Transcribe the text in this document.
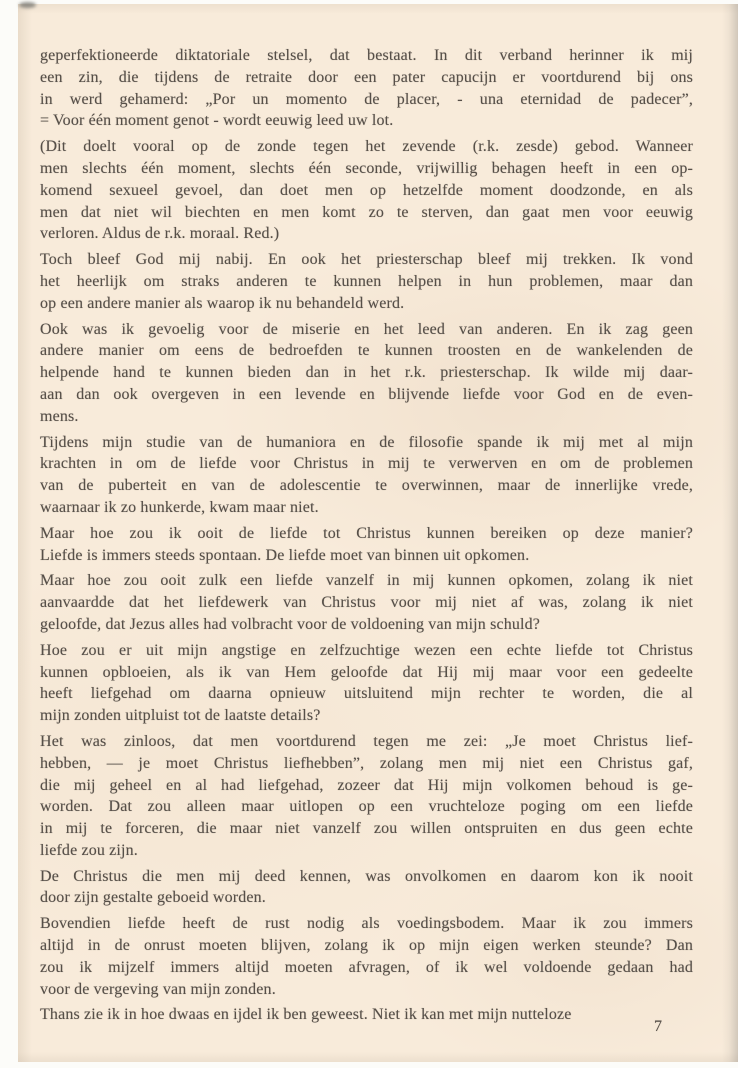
geperfektioneerde diktatoriale stelsel, dat bestaat. In dit verband herinner ik mij
een zin, die tijdens de retraite door een pater capucijn er voortdurend bij ons
in werd gehamerd: „Por un momento de placer, - una eternidad de padecer”,
= Voor één moment genot - wordt eeuwig leed uw lot.

(Dit doelt vooral op de zonde tegen het zevende (r.k. zesde) gebod. Wanneer
men slechts één moment, slechts één seconde, vrijwillig behagen heeft in een op-
komend sexueel gevoel, dan doet men op hetzelfde moment doodzonde, en als
men dat niet wil biechten en men komt zo te sterven, dan gaat men voor eeuwig
verloren. Aldus de r.k. moraal. Red.)

Toch bleef God mij nabij. En ook het priesterschap bleef mij trekken. Ik vond
het heerlijk om straks anderen te kunnen helpen in hun problemen, maar dan
op een andere manier als waarop ik nu behandeld werd.

Ook was ik gevoelig voor de miserie en het leed van anderen. En ik zag geen
andere manier om eens de bedroefden te kunnen troosten en de wankelenden de
helpende hand te kunnen bieden dan in het r.k. priesterschap. Ik wilde mij daar-
aan dan ook overgeven in een levende en blijvende liefde voor God en de even-
mens.

Tijdens mijn studie van de humaniora en de filosofie spande ik mij met al mijn
krachten in om de liefde voor Christus in mij te verwerven en om de problemen
van de puberteit en van de adolescentie te overwinnen, maar de innerlijke vrede,
waarnaar ik zo hunkerde, kwam maar niet.

Maar hoe zou ik ooit de liefde tot Christus kunnen bereiken op deze manier?
Liefde is immers steeds spontaan. De liefde moet van binnen uit opkomen.

Maar hoe zou ooit zulk een liefde vanzelf in mij kunnen opkomen, zolang ik niet
aanvaardde dat het liefdewerk van Christus voor mij niet af was, zolang ik niet
geloofde, dat Jezus alles had volbracht voor de voldoening van mijn schuld?

Hoe zou er uit mijn angstige en zelfzuchtige wezen een echte liefde tot Christus
kunnen opbloeien, als ik van Hem geloofde dat Hij mij maar voor een gedeelte
heeft liefgehad om daarna opnieuw uitsluitend mijn rechter te worden, die al
mijn zonden uitpluist tot de laatste details?

Het was zinloos, dat men voortdurend tegen me zei: „Je moet Christus lief-
hebben, — je moet Christus liefhebben”, zolang men mij niet een Christus gaf,
die mij geheel en al had liefgehad, zozeer dat Hij mijn volkomen behoud is ge-
worden. Dat zou alleen maar uitlopen op een vruchteloze poging om een liefde
in mij te forceren, die maar niet vanzelf zou willen ontspruiten en dus geen echte
liefde zou zijn.

De Christus die men mij deed kennen, was onvolkomen en daarom kon ik nooit
door zijn gestalte geboeid worden.

Bovendien liefde heeft de rust nodig als voedingsbodem. Maar ik zou immers
altijd in de onrust moeten blijven, zolang ik op mijn eigen werken steunde? Dan
zou ik mijzelf immers altijd moeten afvragen, of ik wel voldoende gedaan had
voor de vergeving van mijn zonden.

Thans zie ik in hoe dwaas en ijdel ik ben geweest. Niet ik kan met mijn nutteloze

7
